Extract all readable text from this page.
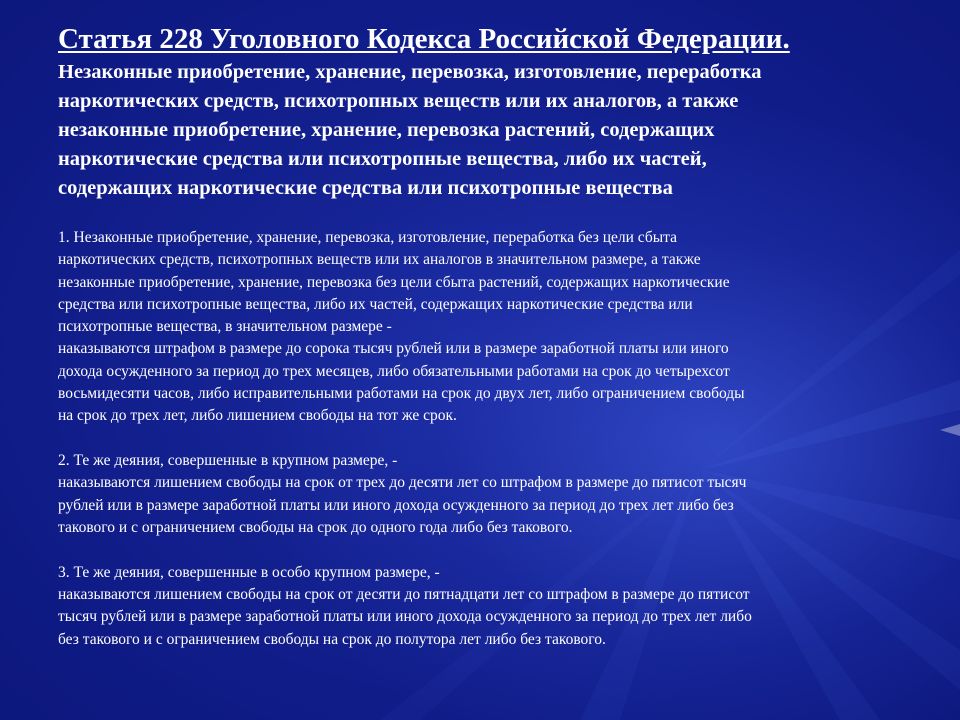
Статья 228 Уголовного Кодекса Российской Федерации.
Незаконные приобретение, хранение, перевозка, изготовление, переработка
наркотических средств, психотропных веществ или их аналогов, а также
незаконные приобретение, хранение, перевозка растений, содержащих
наркотические средства или психотропные вещества, либо их частей,
содержащих наркотические средства или психотропные вещества
1. Незаконные приобретение, хранение, перевозка, изготовление, переработка без цели сбыта
наркотических средств, психотропных веществ или их аналогов в значительном размере, а также
незаконные приобретение, хранение, перевозка без цели сбыта растений, содержащих наркотические
средства или психотропные вещества, либо их частей, содержащих наркотические средства или
психотропные вещества, в значительном размере -
наказываются штрафом в размере до сорока тысяч рублей или в размере заработной платы или иного
дохода осужденного за период до трех месяцев, либо обязательными работами на срок до четырехсот
восьмидесяти часов, либо исправительными работами на срок до двух лет, либо ограничением свободы
на срок до трех лет, либо лишением свободы на тот же срок.
2. Те же деяния, совершенные в крупном размере, -
наказываются лишением свободы на срок от трех до десяти лет со штрафом в размере до пятисот тысяч
рублей или в размере заработной платы или иного дохода осужденного за период до трех лет либо без
такового и с ограничением свободы на срок до одного года либо без такового.
3. Те же деяния, совершенные в особо крупном размере, -
наказываются лишением свободы на срок от десяти до пятнадцати лет со штрафом в размере до пятисот
тысяч рублей или в размере заработной платы или иного дохода осужденного за период до трех лет либо
без такового и с ограничением свободы на срок до полутора лет либо без такового.
